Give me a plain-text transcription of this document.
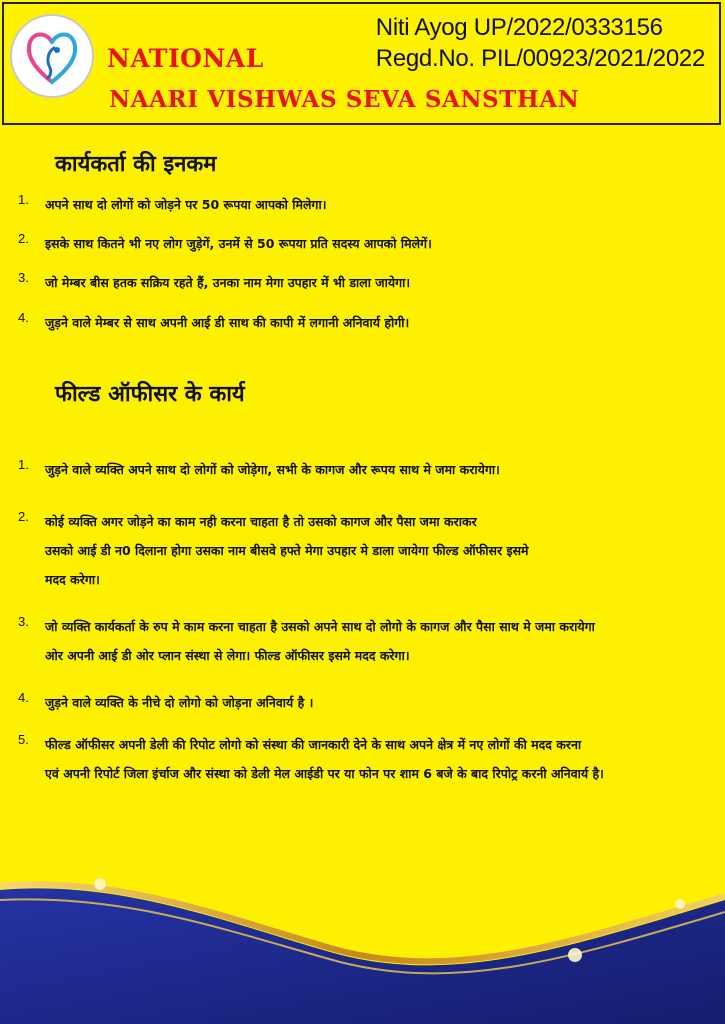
NATIONAL
NAARI VISHWAS SEVA SANSTHAN
Niti Ayog UP/2022/0333156
Regd.No. PIL/00923/2021/2022
कार्यकर्ता की इनकम
1.	अपने साथ दो लोगों को जोड़ने पर 50 रूपया आपको मिलेगा।
2.	इसके साथ कितने भी नए लोग जुड़ेगें, उनमें से 50 रूपया प्रति सदस्य आपको मिलेगें।
3.	जो मेम्बर बीस हतक सक्रिय रहते हैं, उनका नाम मेगा उपहार में भी डाला जायेगा।
4.	जुड़ने वाले मेम्बर से साथ अपनी आई डी साथ की कापी में लगानी अनिवार्य होगी।
फील्ड ऑफीसर के कार्य
1.	जुड़ने वाले व्यक्ति अपने साथ दो लोगों को जोड़ेगा, सभी के कागज और रूपय साथ मे जमा करायेगा।
2.	कोई व्यक्ति अगर जोड़ने का काम नही करना चाहता है तो उसको कागज और पैसा जमा कराकर
उसको आई डी न0 दिलाना होगा उसका नाम बीसवे हफ्ते मेगा उपहार मे डाला जायेगा फील्ड ऑफीसर इसमे
मदद करेगा।
3.	जो व्यक्ति कार्यकर्ता के रुप मे काम करना चाहता है उसको अपने साथ दो लोगो के कागज और पैसा साथ मे जमा करायेगा
ओर अपनी आई डी ओर प्लान संस्था से लेगा। फील्ड ऑफीसर इसमे मदद करेगा।
4.	जुड़ने वाले व्यक्ति के नीचे दो लोगो को जोड़ना अनिवार्य है ।
5.	फील्ड ऑफीसर अपनी डेली की रिपोट लोगो को संस्था की जानकारी देने के साथ अपने क्षेत्र में नए लोगों की मदद करना
एवं अपनी रिपोर्ट जिला इंर्चाज और संस्था को डेली मेल आईडी पर या फोन पर शाम 6 बजे के बाद रिपोट्र करनी अनिवार्य है।
